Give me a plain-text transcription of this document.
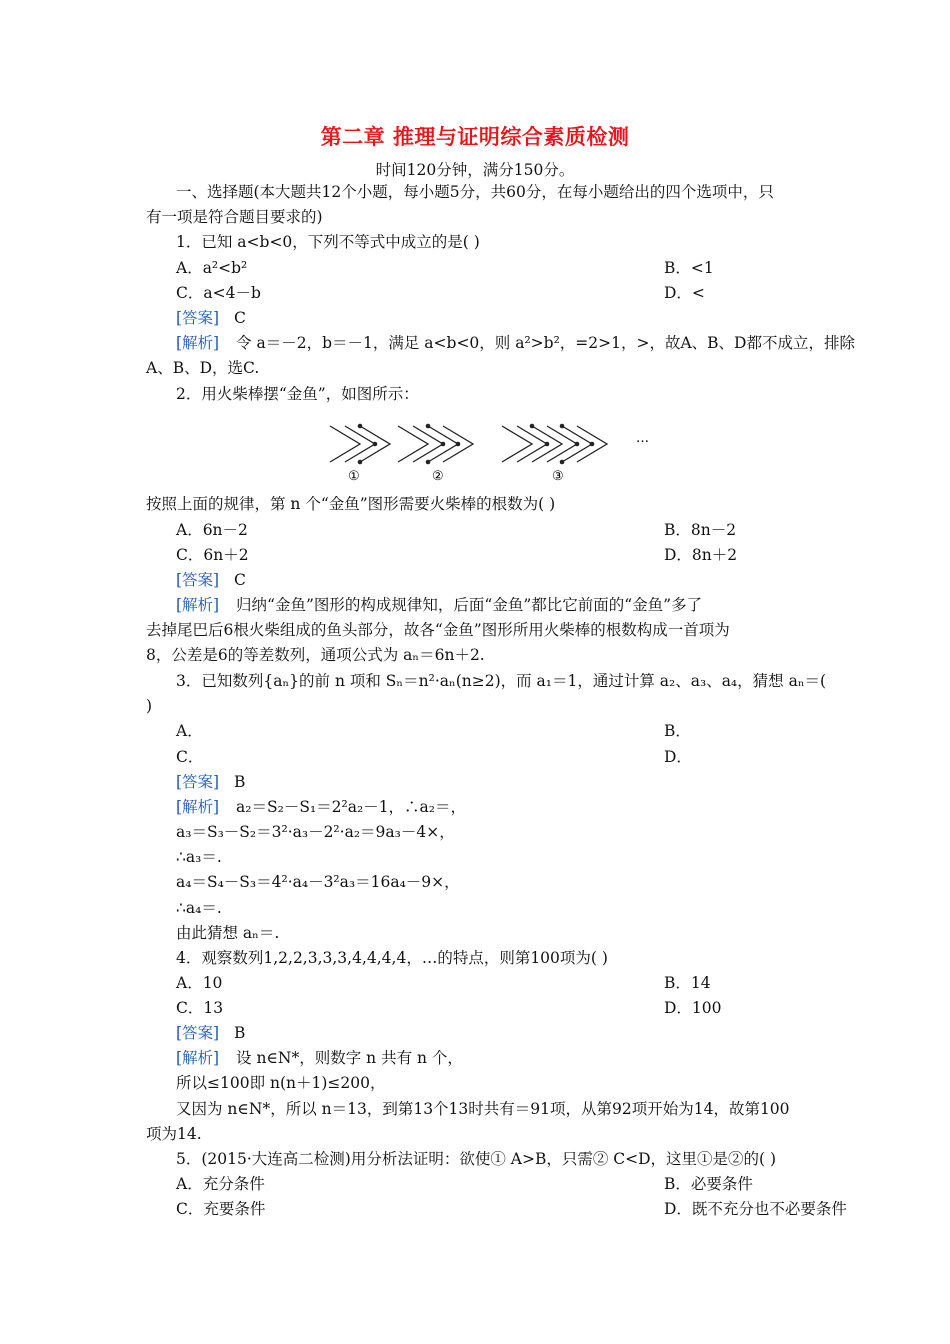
第二章 推理与证明综合素质检测
时间120分钟，满分150分。
一、选择题(本大题共12个小题，每小题5分，共60分，在每小题给出的四个选项中，只
有一项是符合题目要求的)
1．已知 a<b<0，下列不等式中成立的是( )
A．a²<b²	B．<1
C．a<4－b	D．<
[答案] C
[解析] 令 a＝－2，b＝－1，满足 a<b<0，则 a²>b²，=2>1，>，故A、B、D都不成立，排除
A、B、D，选C.
2．用火柴棒摆“金鱼”，如图所示：
①	②	③
…
按照上面的规律，第 n 个“金鱼”图形需要火柴棒的根数为( )
A．6n－2	B．8n－2
C．6n＋2	D．8n＋2
[答案] C
[解析] 归纳“金鱼”图形的构成规律知，后面“金鱼”都比它前面的“金鱼”多了
去掉尾巴后6根火柴组成的鱼头部分，故各“金鱼”图形所用火柴棒的根数构成一首项为
8，公差是6的等差数列，通项公式为 aₙ＝6n＋2.
3．已知数列{aₙ}的前 n 项和 Sₙ＝n²·aₙ(n≥2)，而 a₁＝1，通过计算 a₂、a₃、a₄，猜想 aₙ＝(
)
A．	B．
C．	D．
[答案] B
[解析] a₂＝S₂－S₁＝2²a₂－1，∴a₂＝，
a₃＝S₃－S₂＝3²·a₃－2²·a₂＝9a₃－4×，
∴a₃＝.
a₄＝S₄－S₃＝4²·a₄－3²a₃＝16a₄－9×，
∴a₄＝.
由此猜想 aₙ＝.
4．观察数列1,2,2,3,3,3,4,4,4,4，…的特点，则第100项为( )
A．10	B．14
C．13	D．100
[答案] B
[解析] 设 n∈N*，则数字 n 共有 n 个，
所以≤100即 n(n＋1)≤200，
又因为 n∈N*，所以 n＝13，到第13个13时共有＝91项，从第92项开始为14，故第100
项为14.
5．(2015·大连高二检测)用分析法证明：欲使① A>B，只需② C<D，这里①是②的( )
A．充分条件	B．必要条件
C．充要条件	D．既不充分也不必要条件
